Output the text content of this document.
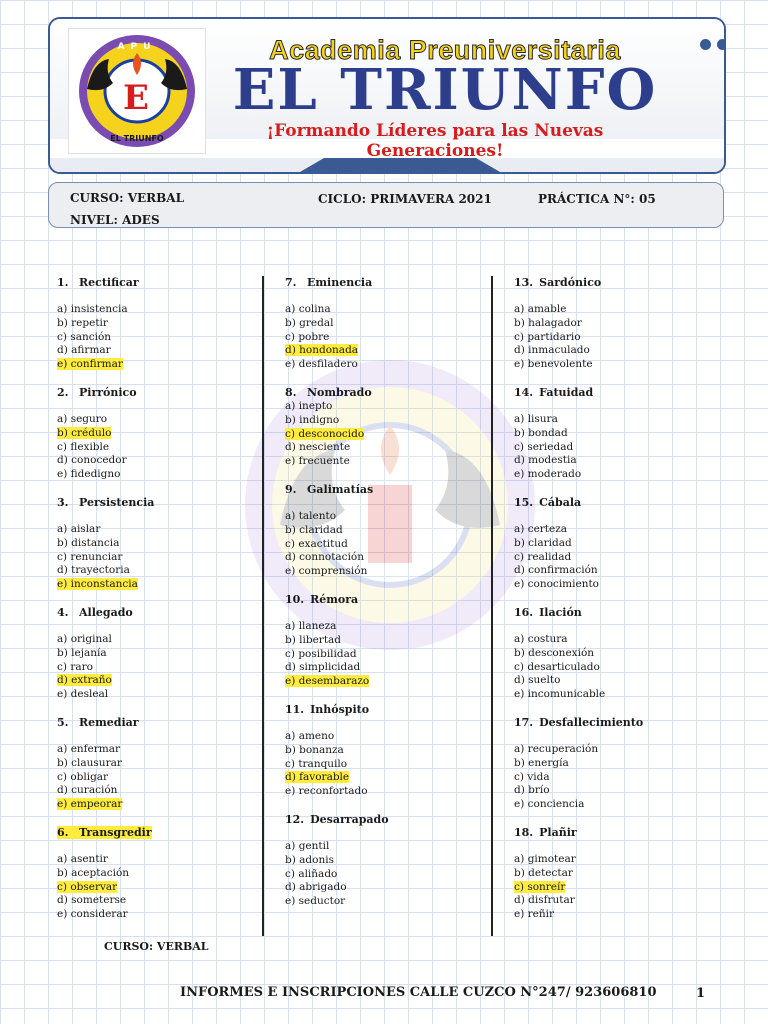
E
APU
EL TRIUNFO
Academia Preuniversitaria
EL TRIUNFO
¡Formando Líderes para las Nuevas Generaciones!
CURSO: VERBAL
NIVEL: ADES
CICLO: PRIMAVERA 2021	PRÁCTICA N°: 05
1. Rectificar
a) insistencia
b) repetir
c) sanción
d) afirmar
e) confirmar
2. Pirrónico
a) seguro
b) crédulo
c) flexible
d) conocedor
e) fidedigno
3. Persistencia
a) aislar
b) distancia
c) renunciar
d) trayectoria
e) inconstancia
4. Allegado
a) original
b) lejanía
c) raro
d) extraño
e) desleal
5. Remediar
a) enfermar
b) clausurar
c) obligar
d) curación
e) empeorar
6. Transgredir
a) asentir
b) aceptación
c) observar
d) someterse
e) considerar
7. Eminencia
a) colina
b) gredal
c) pobre
d) hondonada
e) desfiladero
8. Nombrado
a) inepto
b) indigno
c) desconocido
d) nesciente
e) frecuente
9. Galimatías
a) talento
b) claridad
c) exactitud
d) connotación
e) comprensión
10. Rémora
a) llaneza
b) libertad
c) posibilidad
d) simplicidad
e) desembarazo
11. Inhóspito
a) ameno
b) bonanza
c) tranquilo
d) favorable
e) reconfortado
12. Desarrapado
a) gentil
b) adonis
c) aliñado
d) abrigado
e) seductor
13. Sardónico
a) amable
b) halagador
c) partidario
d) inmaculado
e) benevolente
14. Fatuidad
a) lisura
b) bondad
c) seriedad
d) modestia
e) moderado
15. Cábala
a) certeza
b) claridad
c) realidad
d) confirmación
e) conocimiento
16. Ilación
a) costura
b) desconexión
c) desarticulado
d) suelto
e) incomunicable
17. Desfallecimiento
a) recuperación
b) energía
c) vida
d) brío
e) conciencia
18. Plañir
a) gimotear
b) detectar
c) sonreír
d) disfrutar
e) reñir
CURSO: VERBAL
INFORMES E INSCRIPCIONES CALLE CUZCO N°247/ 923606810	1
